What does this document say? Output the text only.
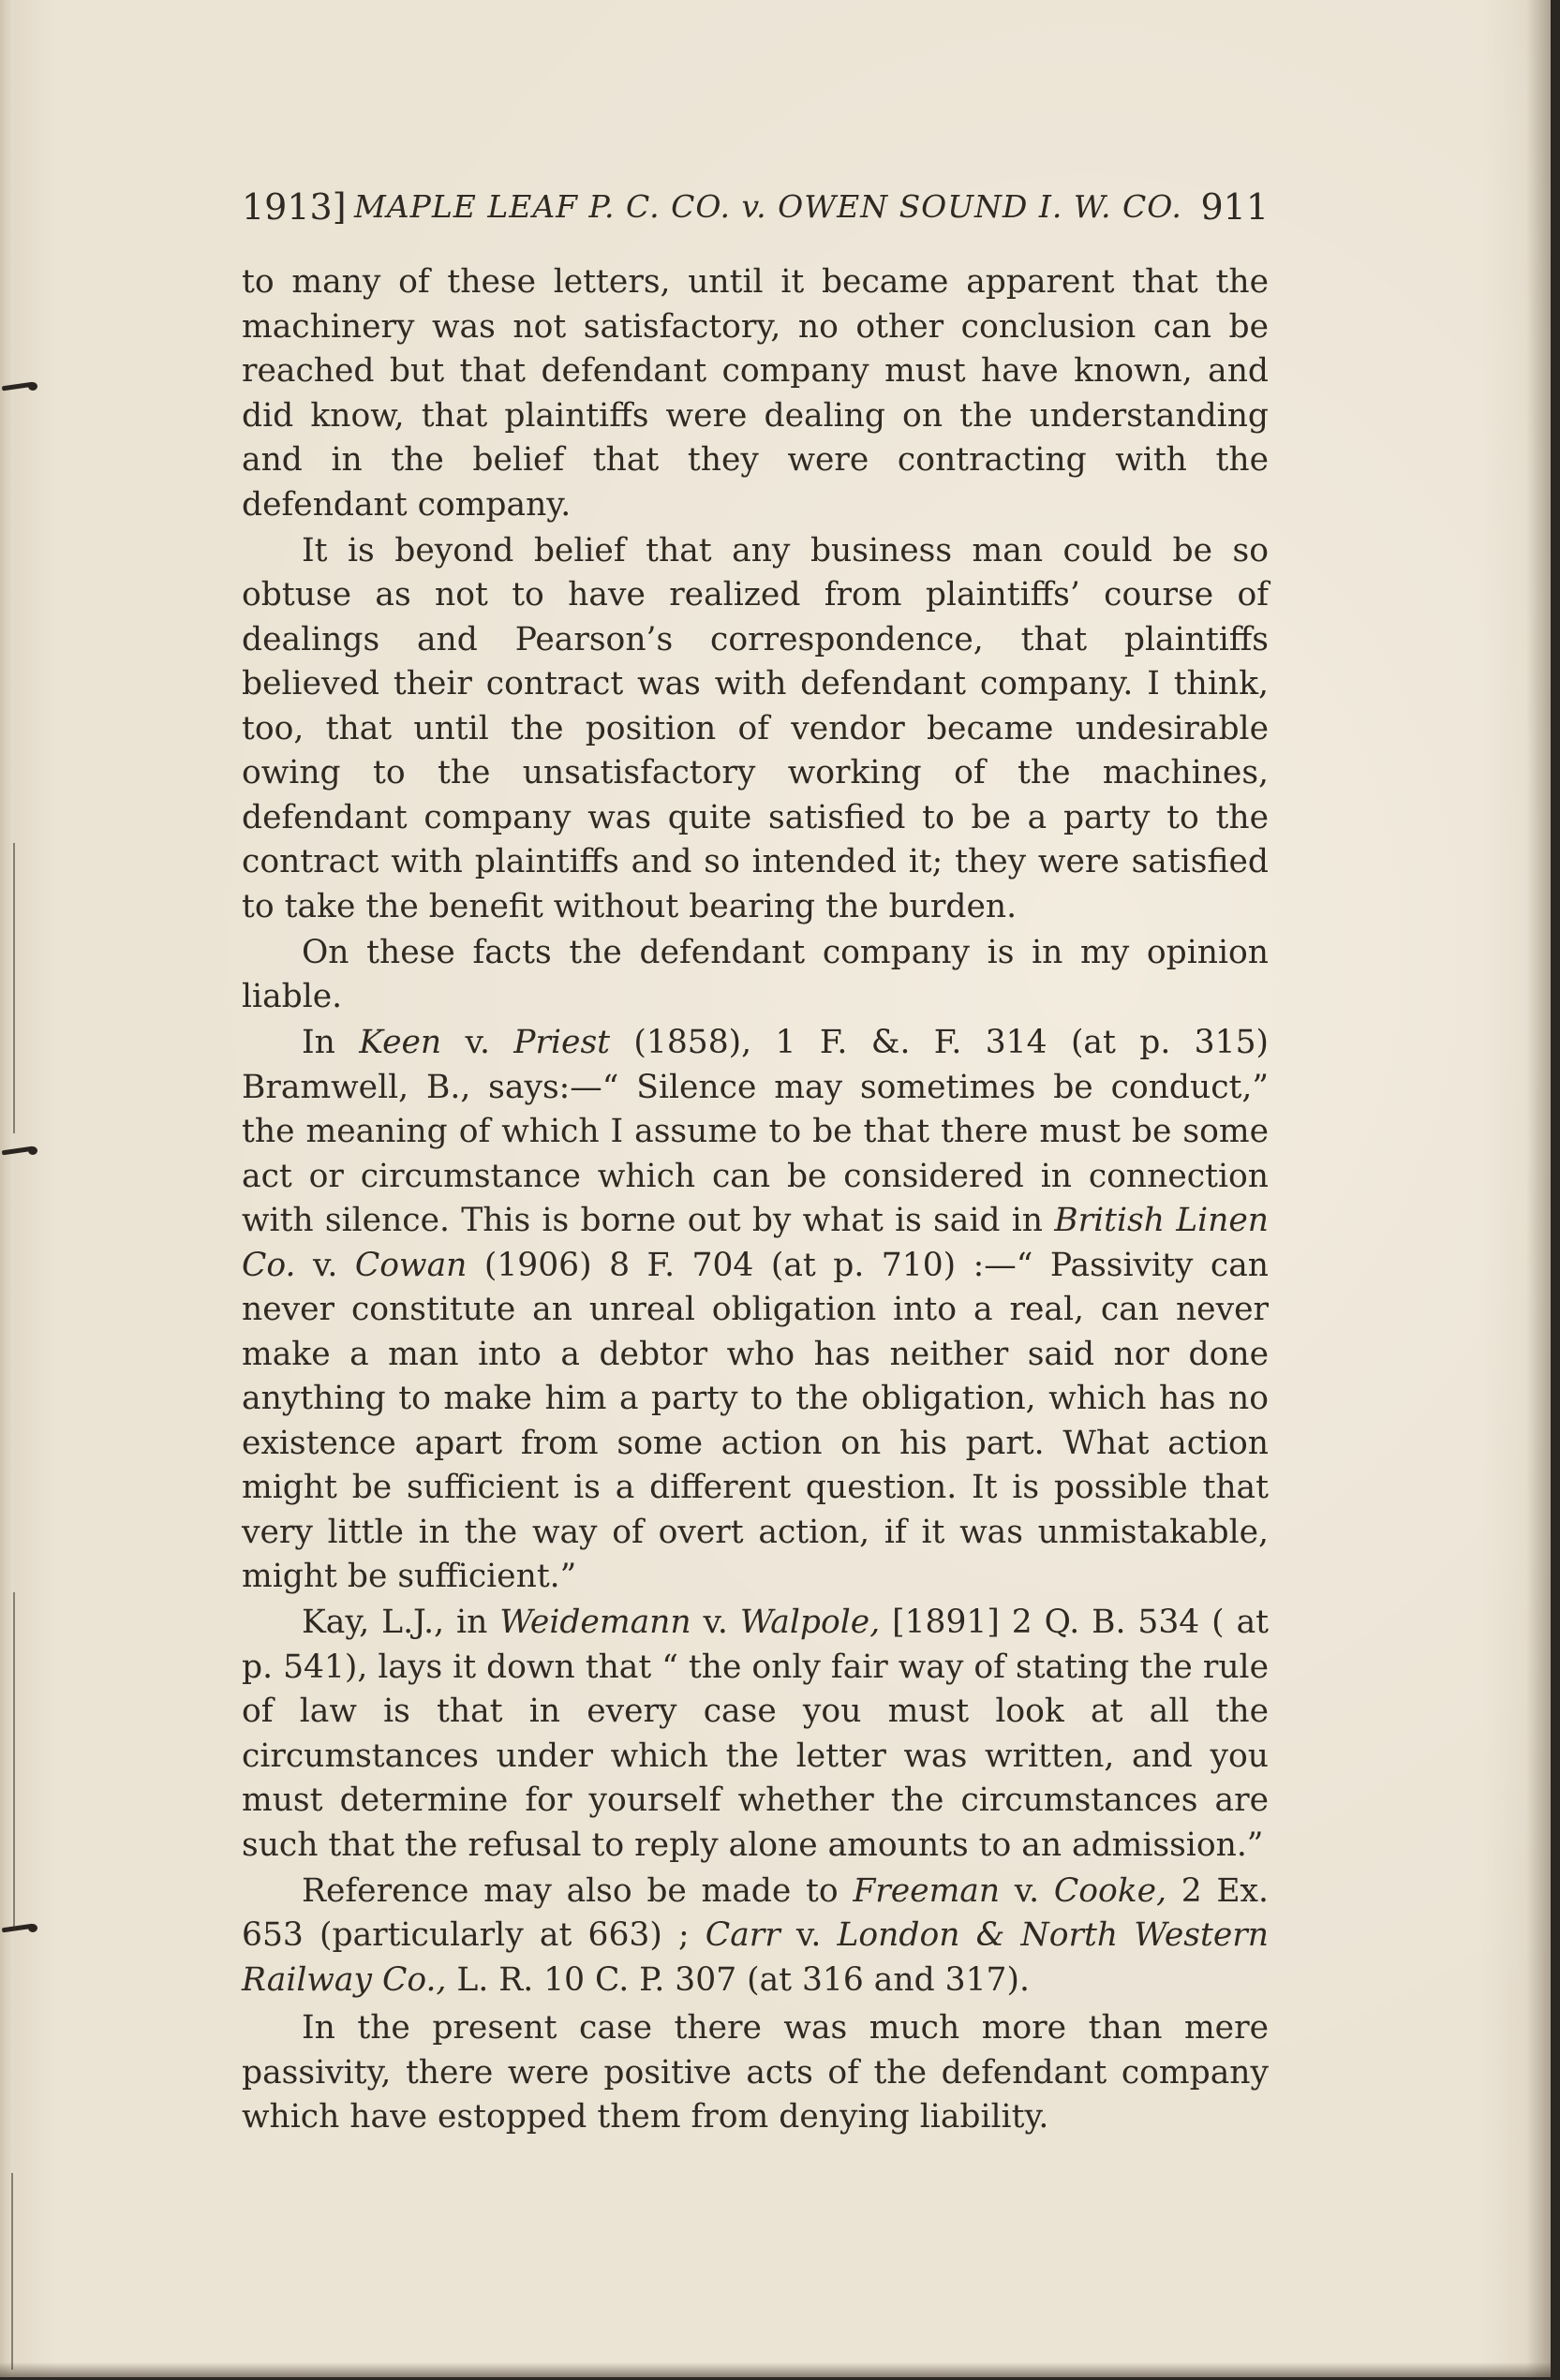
1913] MAPLE LEAF P. C. CO. v. OWEN SOUND I. W. CO. 911

to many of these letters, until it became apparent that the machinery was not satisfactory, no other conclusion can be reached but that defendant company must have known, and did know, that plaintiffs were dealing on the understanding and in the belief that they were contracting with the defendant company.

It is beyond belief that any business man could be so obtuse as not to have realized from plaintiffs’ course of dealings and Pearson’s correspondence, that plaintiffs believed their contract was with defendant company. I think, too, that until the position of vendor became undesirable owing to the unsatisfactory working of the machines, defendant company was quite satisfied to be a party to the contract with plaintiffs and so intended it; they were satisfied to take the benefit without bearing the burden.

On these facts the defendant company is in my opinion liable.

In Keen v. Priest (1858), 1 F. &. F. 314 (at p. 315) Bramwell, B., says:—“ Silence may sometimes be conduct,” the meaning of which I assume to be that there must be some act or circumstance which can be considered in connection with silence. This is borne out by what is said in British Linen Co. v. Cowan (1906) 8 F. 704 (at p. 710) :—“ Passivity can never constitute an unreal obligation into a real, can never make a man into a debtor who has neither said nor done anything to make him a party to the obligation, which has no existence apart from some action on his part. What action might be sufficient is a different question. It is possible that very little in the way of overt action, if it was unmistakable, might be sufficient.”

Kay, L.J., in Weidemann v. Walpole, [1891] 2 Q. B. 534 ( at p. 541), lays it down that “ the only fair way of stating the rule of law is that in every case you must look at all the circumstances under which the letter was written, and you must determine for yourself whether the circumstances are such that the refusal to reply alone amounts to an admission.”

Reference may also be made to Freeman v. Cooke, 2 Ex. 653 (particularly at 663) ; Carr v. London & North Western Railway Co., L. R. 10 C. P. 307 (at 316 and 317).

In the present case there was much more than mere passivity, there were positive acts of the defendant company which have estopped them from denying liability.
